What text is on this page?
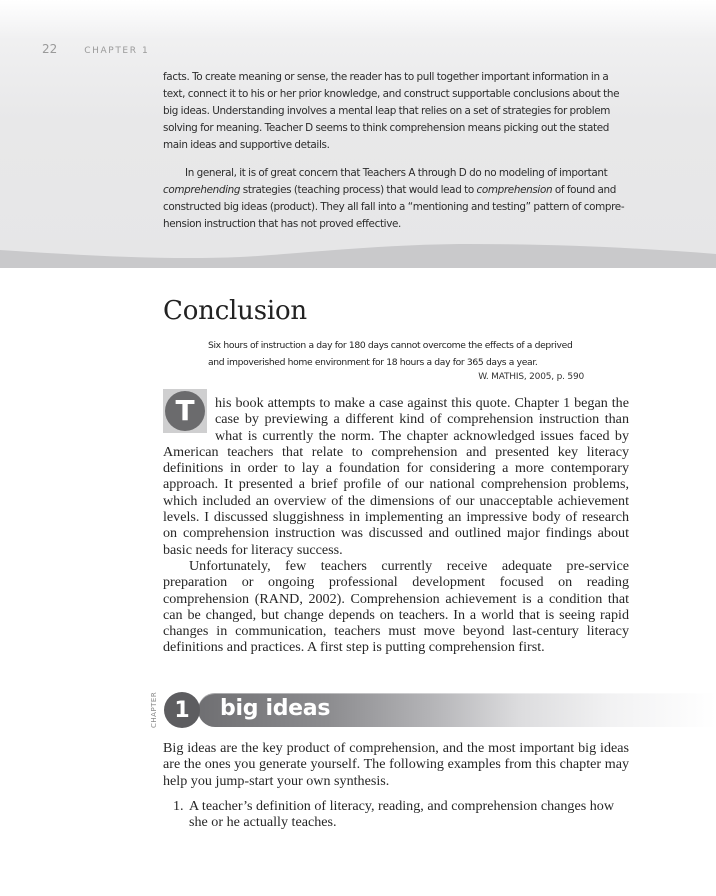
22	CHAPTER 1

facts. To create meaning or sense, the reader has to pull together important information in a text, connect it to his or her prior knowledge, and construct supportable conclusions about the big ideas. Understanding involves a mental leap that relies on a set of strategies for problem solving for meaning. Teacher D seems to think comprehension means picking out the stated main ideas and supportive details.

In general, it is of great concern that Teachers A through D do no modeling of important comprehending strategies (teaching process) that would lead to comprehension of found and constructed big ideas (product). They all fall into a “mentioning and testing” pattern of comprehension instruction that has not proved effective.

Conclusion

Six hours of instruction a day for 180 days cannot overcome the effects of a deprived and impoverished home environment for 18 hours a day for 365 days a year.

W. MATHIS, 2005, p. 590

T	his book attempts to make a case against this quote. Chapter 1 began the case by previewing a different kind of comprehension instruction than what is currently the norm. The chapter acknowledged issues faced by American teachers that relate to comprehension and presented key literacy definitions in order to lay a foundation for considering a more contemporary approach. It presented a brief profile of our national comprehension problems, which included an overview of the dimensions of our unacceptable achievement levels. I discussed sluggishness in implementing an impressive body of research on comprehension instruction was discussed and outlined major findings about basic needs for literacy success.

Unfortunately, few teachers currently receive adequate pre-service preparation or ongoing professional development focused on reading comprehension (RAND, 2002). Comprehension achievement is a condition that can be changed, but change depends on teachers. In a world that is seeing rapid changes in communication, teachers must move beyond last-century literacy definitions and practices. A first step is putting comprehension first.

CHAPTER 1	big ideas

Big ideas are the key product of comprehension, and the most important big ideas are the ones you generate yourself. The following examples from this chapter may help you jump-start your own synthesis.

1. A teacher’s definition of literacy, reading, and comprehension changes how she or he actually teaches.
